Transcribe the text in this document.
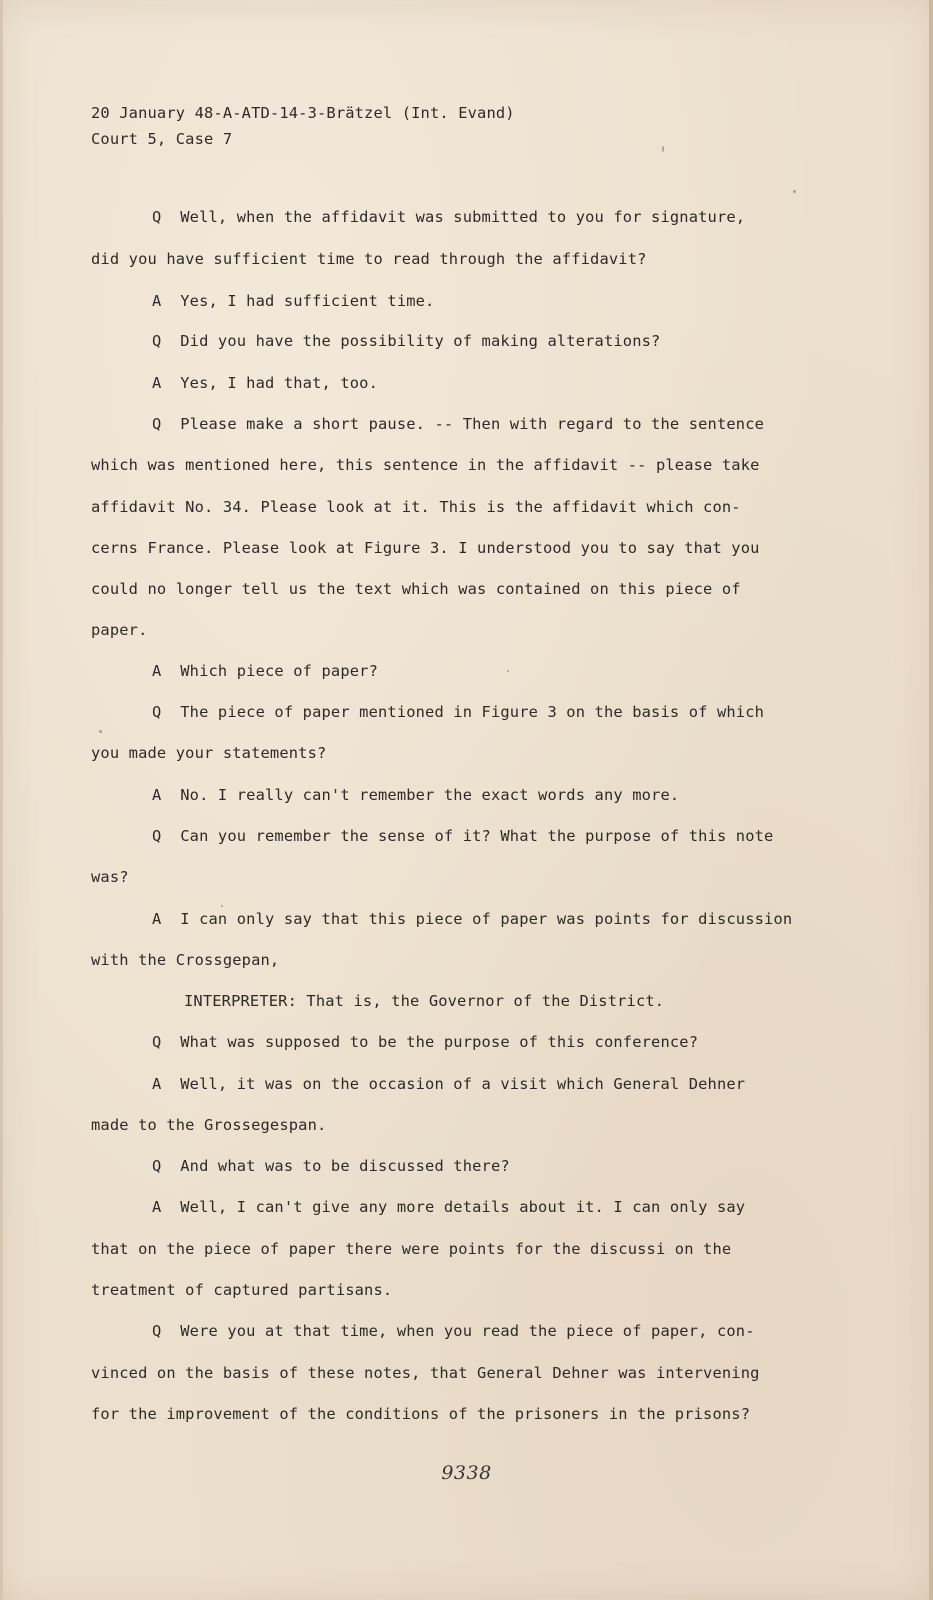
20 January 48-A-ATD-14-3-Brätzel (Int. Evand)
Court 5, Case 7
Q  Well, when the affidavit was submitted to you for signature,
did you have sufficient time to read through the affidavit?
A  Yes, I had sufficient time.
Q  Did you have the possibility of making alterations?
A  Yes, I had that, too.
Q  Please make a short pause. -- Then with regard to the sentence
which was mentioned here, this sentence in the affidavit -- please take
affidavit No. 34. Please look at it. This is the affidavit which con-
cerns France. Please look at Figure 3. I understood you to say that you
could no longer tell us the text which was contained on this piece of
paper.
A  Which piece of paper?
Q  The piece of paper mentioned in Figure 3 on the basis of which
you made your statements?
A  No. I really can't remember the exact words any more.
Q  Can you remember the sense of it? What the purpose of this note
was?
A  I can only say that this piece of paper was points for discussion
with the Crossgepan,
INTERPRETER: That is, the Governor of the District.
Q  What was supposed to be the purpose of this conference?
A  Well, it was on the occasion of a visit which General Dehner
made to the Grossegespan.
Q  And what was to be discussed there?
A  Well, I can't give any more details about it. I can only say
that on the piece of paper there were points for the discussi on the
treatment of captured partisans.
Q  Were you at that time, when you read the piece of paper, con-
vinced on the basis of these notes, that General Dehner was intervening
for the improvement of the conditions of the prisoners in the prisons?
9338
